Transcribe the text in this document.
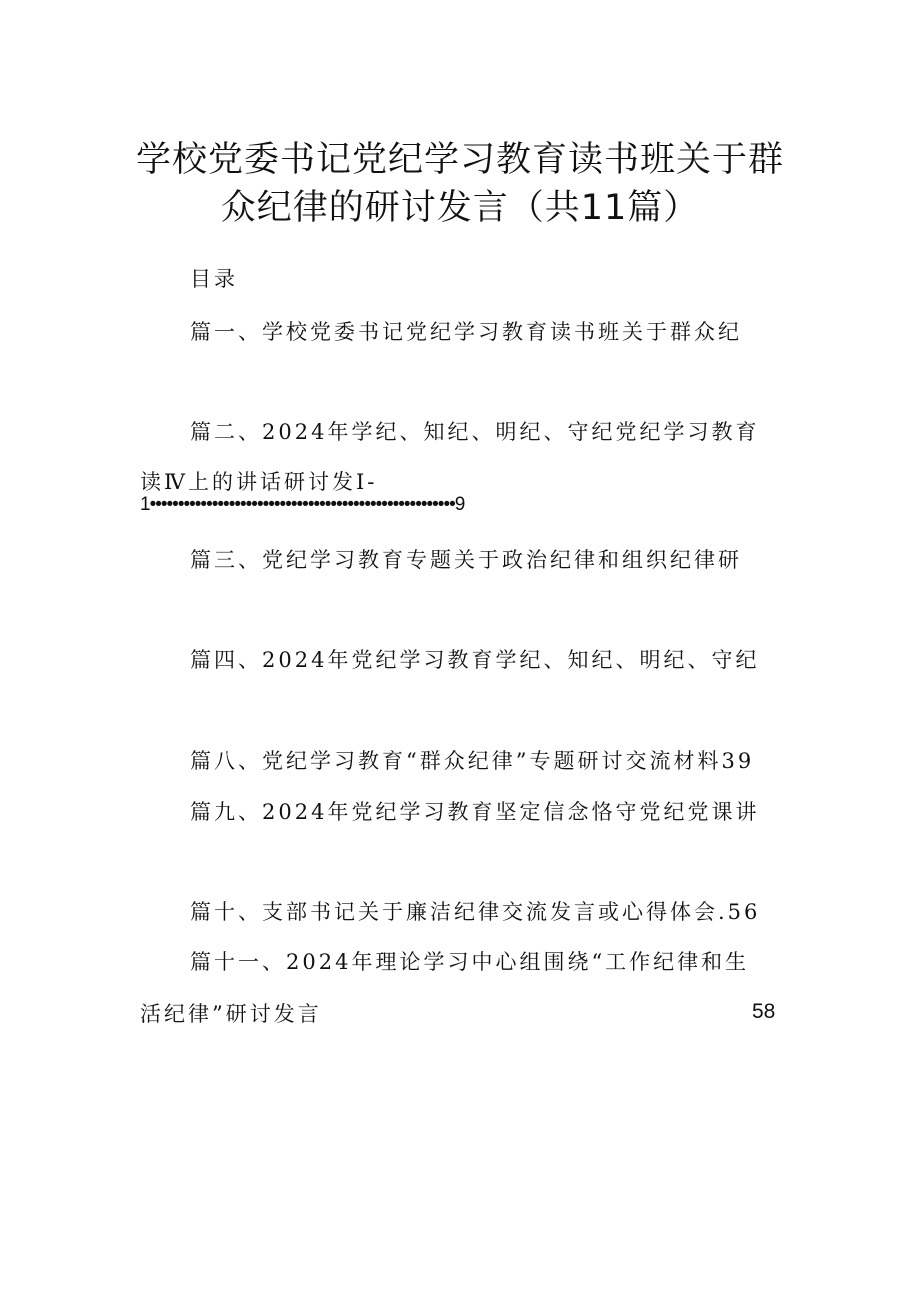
学校党委书记党纪学习教育读书班关于群
众纪律的研讨发言（共11篇）
目录
篇一、学校党委书记党纪学习教育读书班关于群众纪
篇二、2024年学纪、知纪、明纪、守纪党纪学习教育
读Ⅳ上的讲话研讨发I-
1••••••••••••••••••••••••••••••••••••••••••••••••••••••9
篇三、党纪学习教育专题关于政治纪律和组织纪律研
篇四、2024年党纪学习教育学纪、知纪、明纪、守纪
篇八、党纪学习教育“群众纪律”专题研讨交流材料39
篇九、2024年党纪学习教育坚定信念恪守党纪党课讲
篇十、支部书记关于廉洁纪律交流发言或心得体会.56
篇十一、2024年理论学习中心组围绕“工作纪律和生
活纪律”研讨发言	58
